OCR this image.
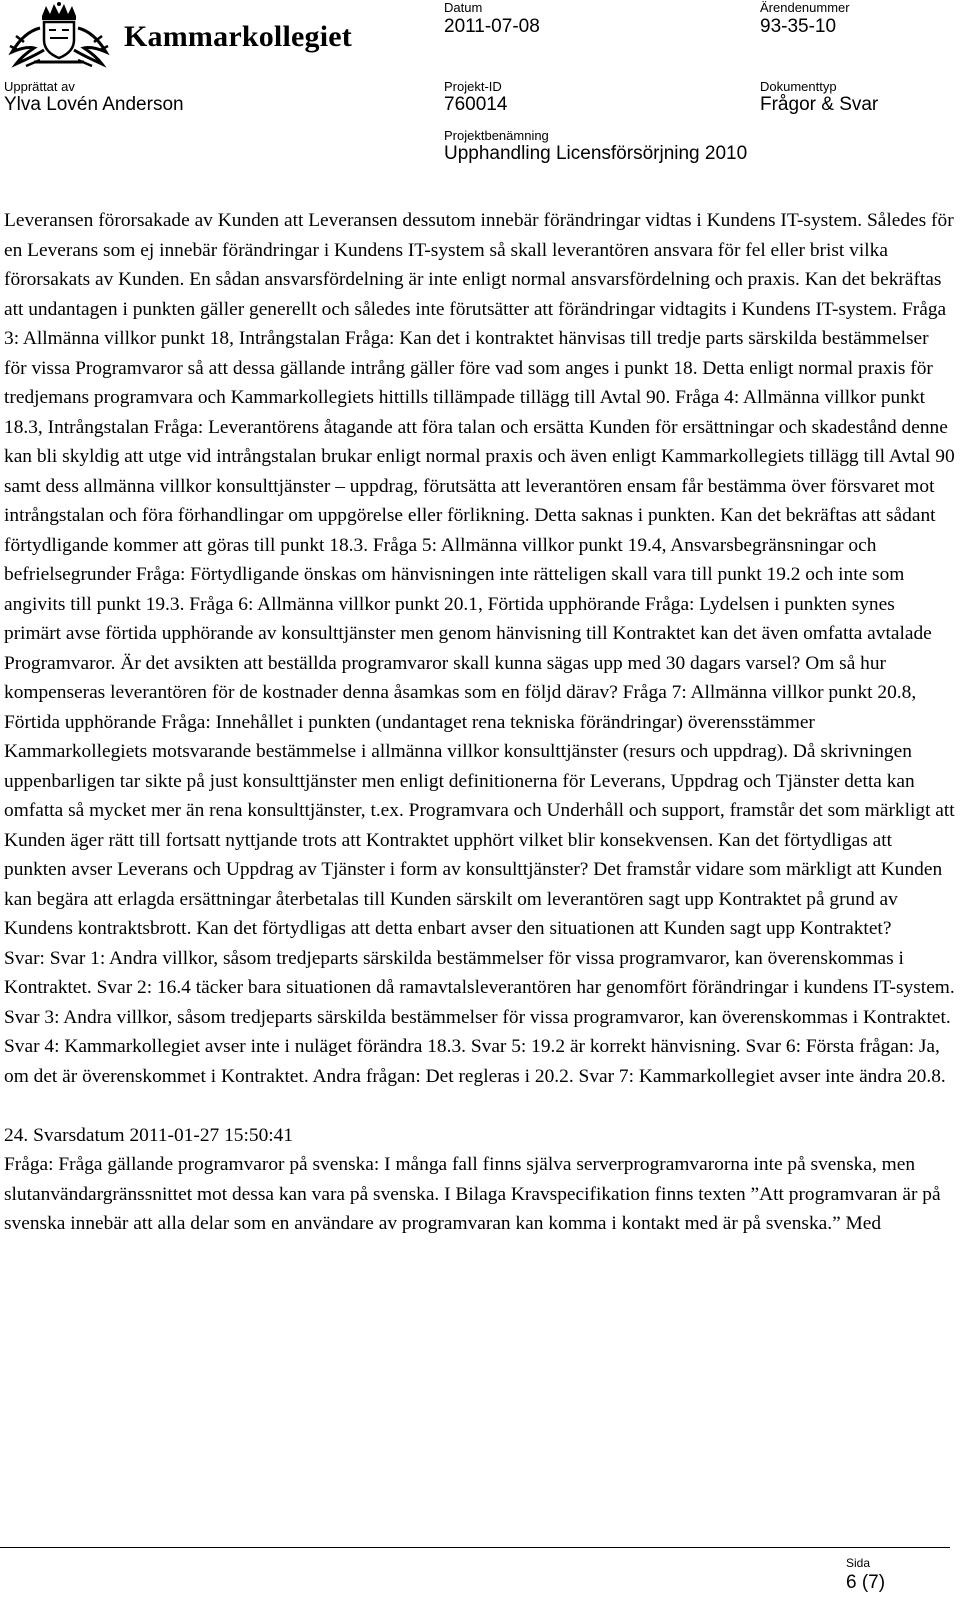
Kammarkollegiet
Datum
2011-07-08
Ärendenummer
93-35-10
Upprättat av
Ylva Lovén Anderson
Projekt-ID
760014
Dokumenttyp
Frågor & Svar
Projektbenämning
Upphandling Licensförsörjning 2010

Leveransen förorsakade av Kunden att Leveransen dessutom innebär förändringar vidtas i Kundens IT-system. Således för en Leverans som ej innebär förändringar i Kundens IT-system så skall leverantören ansvara för fel eller brist vilka förorsakats av Kunden. En sådan ansvarsfördelning är inte enligt normal ansvarsfördelning och praxis. Kan det bekräftas att undantagen i punkten gäller generellt och således inte förutsätter att förändringar vidtagits i Kundens IT-system. Fråga 3: Allmänna villkor punkt 18, Intrångstalan Fråga: Kan det i kontraktet hänvisas till tredje parts särskilda bestämmelser för vissa Programvaror så att dessa gällande intrång gäller före vad som anges i punkt 18. Detta enligt normal praxis för tredjemans programvara och Kammarkollegiets hittills tillämpade tillägg till Avtal 90. Fråga 4: Allmänna villkor punkt 18.3, Intrångstalan Fråga: Leverantörens åtagande att föra talan och ersätta Kunden för ersättningar och skadestånd denne kan bli skyldig att utge vid intrångstalan brukar enligt normal praxis och även enligt Kammarkollegiets tillägg till Avtal 90 samt dess allmänna villkor konsulttjänster – uppdrag, förutsätta att leverantören ensam får bestämma över försvaret mot intrångstalan och föra förhandlingar om uppgörelse eller förlikning. Detta saknas i punkten. Kan det bekräftas att sådant förtydligande kommer att göras till punkt 18.3. Fråga 5: Allmänna villkor punkt 19.4, Ansvarsbegränsningar och befrielsegrunder Fråga: Förtydligande önskas om hänvisningen inte rätteligen skall vara till punkt 19.2 och inte som angivits till punkt 19.3. Fråga 6: Allmänna villkor punkt 20.1, Förtida upphörande Fråga: Lydelsen i punkten synes primärt avse förtida upphörande av konsulttjänster men genom hänvisning till Kontraktet kan det även omfatta avtalade Programvaror. Är det avsikten att beställda programvaror skall kunna sägas upp med 30 dagars varsel? Om så hur kompenseras leverantören för de kostnader denna åsamkas som en följd därav? Fråga 7: Allmänna villkor punkt 20.8, Förtida upphörande Fråga: Innehållet i punkten (undantaget rena tekniska förändringar) överensstämmer Kammarkollegiets motsvarande bestämmelse i allmänna villkor konsulttjänster (resurs och uppdrag). Då skrivningen uppenbarligen tar sikte på just konsulttjänster men enligt definitionerna för Leverans, Uppdrag och Tjänster detta kan omfatta så mycket mer än rena konsulttjänster, t.ex. Programvara och Underhåll och support, framstår det som märkligt att Kunden äger rätt till fortsatt nyttjande trots att Kontraktet upphört vilket blir konsekvensen. Kan det förtydligas att punkten avser Leverans och Uppdrag av Tjänster i form av konsulttjänster? Det framstår vidare som märkligt att Kunden kan begära att erlagda ersättningar återbetalas till Kunden särskilt om leverantören sagt upp Kontraktet på grund av Kundens kontraktsbrott. Kan det förtydligas att detta enbart avser den situationen att Kunden sagt upp Kontraktet?

Svar: Svar 1: Andra villkor, såsom tredjeparts särskilda bestämmelser för vissa programvaror, kan överenskommas i Kontraktet. Svar 2: 16.4 täcker bara situationen då ramavtalsleverantören har genomfört förändringar i kundens IT-system. Svar 3: Andra villkor, såsom tredjeparts särskilda bestämmelser för vissa programvaror, kan överenskommas i Kontraktet. Svar 4: Kammarkollegiet avser inte i nuläget förändra 18.3. Svar 5: 19.2 är korrekt hänvisning. Svar 6: Första frågan: Ja, om det är överenskommet i Kontraktet. Andra frågan: Det regleras i 20.2. Svar 7: Kammarkollegiet avser inte ändra 20.8.

24. Svarsdatum 2011-01-27 15:50:41

Fråga: Fråga gällande programvaror på svenska: I många fall finns själva serverprogramvarorna inte på svenska, men slutanvändargränssnittet mot dessa kan vara på svenska. I Bilaga Kravspecifikation finns texten ”Att programvaran är på svenska innebär att alla delar som en användare av programvaran kan komma i kontakt med är på svenska.” Med

Sida
6 (7)
